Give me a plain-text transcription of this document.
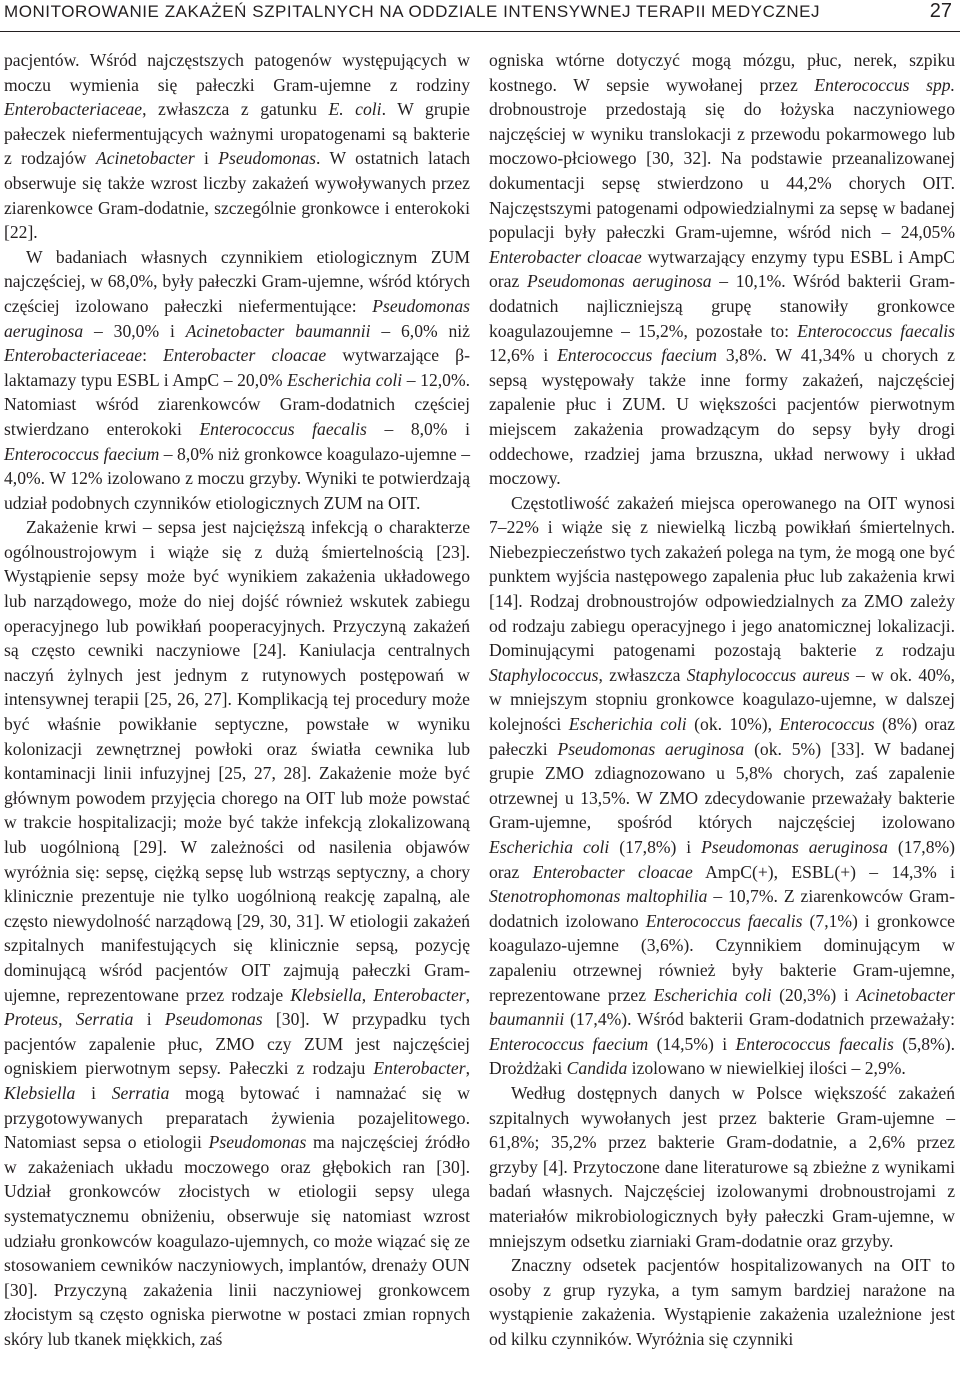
MONITOROWANIE ZAKAŻEŃ SZPITALNYCH NA ODDZIALE INTENSYWNEJ TERAPII MEDYCZNEJ	27

pacjentów. Wśród najczęstszych patogenów występujących w moczu wymienia się pałeczki Gram-ujemne z rodziny Enterobacteriaceae, zwłaszcza z gatunku E. coli. W grupie pałeczek niefermentujących ważnymi uropatogenami są bakterie z rodzajów Acinetobacter i Pseudomonas. W ostatnich latach obserwuje się także wzrost liczby zakażeń wywoływanych przez ziarenkowce Gram-dodatnie, szczególnie gronkowce i enterokoki [22].

W badaniach własnych czynnikiem etiologicznym ZUM najczęściej, w 68,0%, były pałeczki Gram-ujemne, wśród których częściej izolowano pałeczki niefermentujące: Pseudomonas aeruginosa – 30,0% i Acinetobacter baumannii – 6,0% niż Enterobacteriaceae: Enterobacter cloacae wytwarzające β-laktamazy typu ESBL i AmpC – 20,0% Escherichia coli – 12,0%. Natomiast wśród ziarenkowców Gram-dodatnich częściej stwierdzano enterokoki Enterococcus faecalis – 8,0% i Enterococcus faecium – 8,0% niż gronkowce koagulazo-ujemne – 4,0%. W 12% izolowano z moczu grzyby. Wyniki te potwierdzają udział podobnych czynników etiologicznych ZUM na OIT.

Zakażenie krwi – sepsa jest najcięższą infekcją o charakterze ogólnoustrojowym i wiąże się z dużą śmiertelnością [23]. Wystąpienie sepsy może być wynikiem zakażenia układowego lub narządowego, może do niej dojść również wskutek zabiegu operacyjnego lub powikłań pooperacyjnych. Przyczyną zakażeń są często cewniki naczyniowe [24]. Kaniulacja centralnych naczyń żylnych jest jednym z rutynowych postępowań w intensywnej terapii [25, 26, 27]. Komplikacją tej procedury może być właśnie powikłanie septyczne, powstałe w wyniku kolonizacji zewnętrznej powłoki oraz światła cewnika lub kontaminacji linii infuzyjnej [25, 27, 28]. Zakażenie może być głównym powodem przyjęcia chorego na OIT lub może powstać w trakcie hospitalizacji; może być także infekcją zlokalizowaną lub uogólnioną [29]. W zależności od nasilenia objawów wyróżnia się: sepsę, ciężką sepsę lub wstrząs septyczny, a chory klinicznie prezentuje nie tylko uogólnioną reakcję zapalną, ale często niewydolność narządową [29, 30, 31]. W etiologii zakażeń szpitalnych manifestujących się klinicznie sepsą, pozycję dominującą wśród pacjentów OIT zajmują pałeczki Gram-ujemne, reprezentowane przez rodzaje Klebsiella, Enterobacter, Proteus, Serratia i Pseudomonas [30]. W przypadku tych pacjentów zapalenie płuc, ZMO czy ZUM jest najczęściej ogniskiem pierwotnym sepsy. Pałeczki z rodzaju Enterobacter, Klebsiella i Serratia mogą bytować i namnażać się w przygotowywanych preparatach żywienia pozajelitowego. Natomiast sepsa o etiologii Pseudomonas ma najczęściej źródło w zakażeniach układu moczowego oraz głębokich ran [30]. Udział gronkowców złocistych w etiologii sepsy ulega systematycznemu obniżeniu, obserwuje się natomiast wzrost udziału gronkowców koagulazo-ujemnych, co może wiązać się ze stosowaniem cewników naczyniowych, implantów, drenaży OUN [30]. Przyczyną zakażenia linii naczyniowej gronkowcem złocistym są często ogniska pierwotne w postaci zmian ropnych skóry lub tkanek miękkich, zaś

ogniska wtórne dotyczyć mogą mózgu, płuc, nerek, szpiku kostnego. W sepsie wywołanej przez Enterococcus spp. drobnoustroje przedostają się do łożyska naczyniowego najczęściej w wyniku translokacji z przewodu pokarmowego lub moczowo-płciowego [30, 32]. Na podstawie przeanalizowanej dokumentacji sepsę stwierdzono u 44,2% chorych OIT. Najczęstszymi patogenami odpowiedzialnymi za sepsę w badanej populacji były pałeczki Gram-ujemne, wśród nich – 24,05% Enterobacter cloacae wytwarzający enzymy typu ESBL i AmpC oraz Pseudomonas aeruginosa – 10,1%. Wśród bakterii Gram-dodatnich najliczniejszą grupę stanowiły gronkowce koagulazoujemne – 15,2%, pozostałe to: Enterococcus faecalis 12,6% i Enterococcus faecium 3,8%. W 41,34% u chorych z sepsą występowały także inne formy zakażeń, najczęściej zapalenie płuc i ZUM. U większości pacjentów pierwotnym miejscem zakażenia prowadzącym do sepsy były drogi oddechowe, rzadziej jama brzuszna, układ nerwowy i układ moczowy.

Częstotliwość zakażeń miejsca operowanego na OIT wynosi 7–22% i wiąże się z niewielką liczbą powikłań śmiertelnych. Niebezpieczeństwo tych zakażeń polega na tym, że mogą one być punktem wyjścia następowego zapalenia płuc lub zakażenia krwi [14]. Rodzaj drobnoustrojów odpowiedzialnych za ZMO zależy od rodzaju zabiegu operacyjnego i jego anatomicznej lokalizacji. Dominującymi patogenami pozostają bakterie z rodzaju Staphylococcus, zwłaszcza Staphylococcus aureus – w ok. 40%, w mniejszym stopniu gronkowce koagulazo-ujemne, w dalszej kolejności Escherichia coli (ok. 10%), Enterococcus (8%) oraz pałeczki Pseudomonas aeruginosa (ok. 5%) [33]. W badanej grupie ZMO zdiagnozowano u 5,8% chorych, zaś zapalenie otrzewnej u 13,5%. W ZMO zdecydowanie przeważały bakterie Gram-ujemne, spośród których najczęściej izolowano Escherichia coli (17,8%) i Pseudomonas aeruginosa (17,8%) oraz Enterobacter cloacae AmpC(+), ESBL(+) – 14,3% i Stenotrophomonas maltophilia – 10,7%. Z ziarenkowców Gram-dodatnich izolowano Enterococcus faecalis (7,1%) i gronkowce koagulazo-ujemne (3,6%). Czynnikiem dominującym w zapaleniu otrzewnej również były bakterie Gram-ujemne, reprezentowane przez Escherichia coli (20,3%) i Acinetobacter baumannii (17,4%). Wśród bakterii Gram-dodatnich przeważały: Enterococcus faecium (14,5%) i Enterococcus faecalis (5,8%). Drożdżaki Candida izolowano w niewielkiej ilości – 2,9%.

Według dostępnych danych w Polsce większość zakażeń szpitalnych wywołanych jest przez bakterie Gram-ujemne – 61,8%; 35,2% przez bakterie Gram-dodatnie, a 2,6% przez grzyby [4]. Przytoczone dane literaturowe są zbieżne z wynikami badań własnych. Najczęściej izolowanymi drobnoustrojami z materiałów mikrobiologicznych były pałeczki Gram-ujemne, w mniejszym odsetku ziarniaki Gram-dodatnie oraz grzyby.

Znaczny odsetek pacjentów hospitalizowanych na OIT to osoby z grup ryzyka, a tym samym bardziej narażone na wystąpienie zakażenia. Wystąpienie zakażenia uzależnione jest od kilku czynników. Wyróżnia się czynniki
